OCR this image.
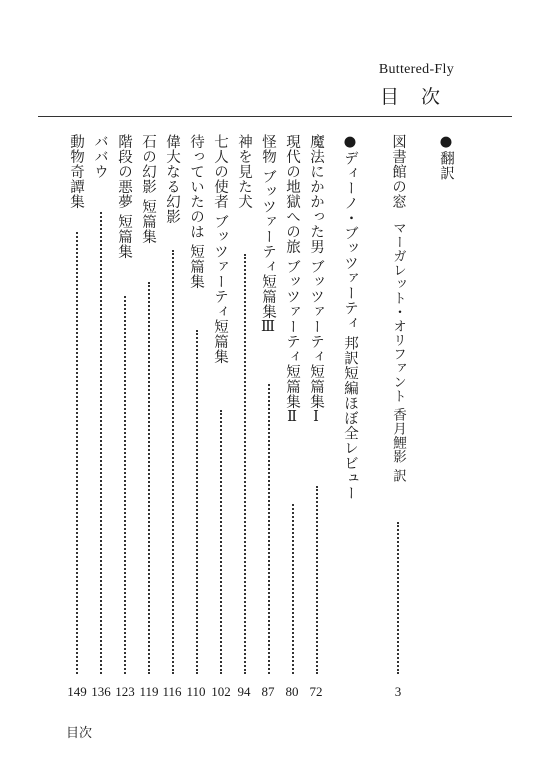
Buttered-Fly
目 次
●翻訳
図書館の窓マーガレット・オリファント 香月鯉影 訳
3
●ディーノ・ブッツァーティ 邦訳短編ほぼ全レビュー
魔法にかかった男 ブッツァーティ短篇集Ⅰ
72
現代の地獄への旅 ブッツァーティ短篇集Ⅱ
80
怪物 ブッツァーティ短篇集Ⅲ
87
神を見た犬
94
七人の使者 ブッツァーティ短篇集
102
待っていたのは 短篇集
110
偉大なる幻影
116
石の幻影 短篇集
119
階段の悪夢 短篇集
123
ババウ
136
動物奇譚集
149
目次
